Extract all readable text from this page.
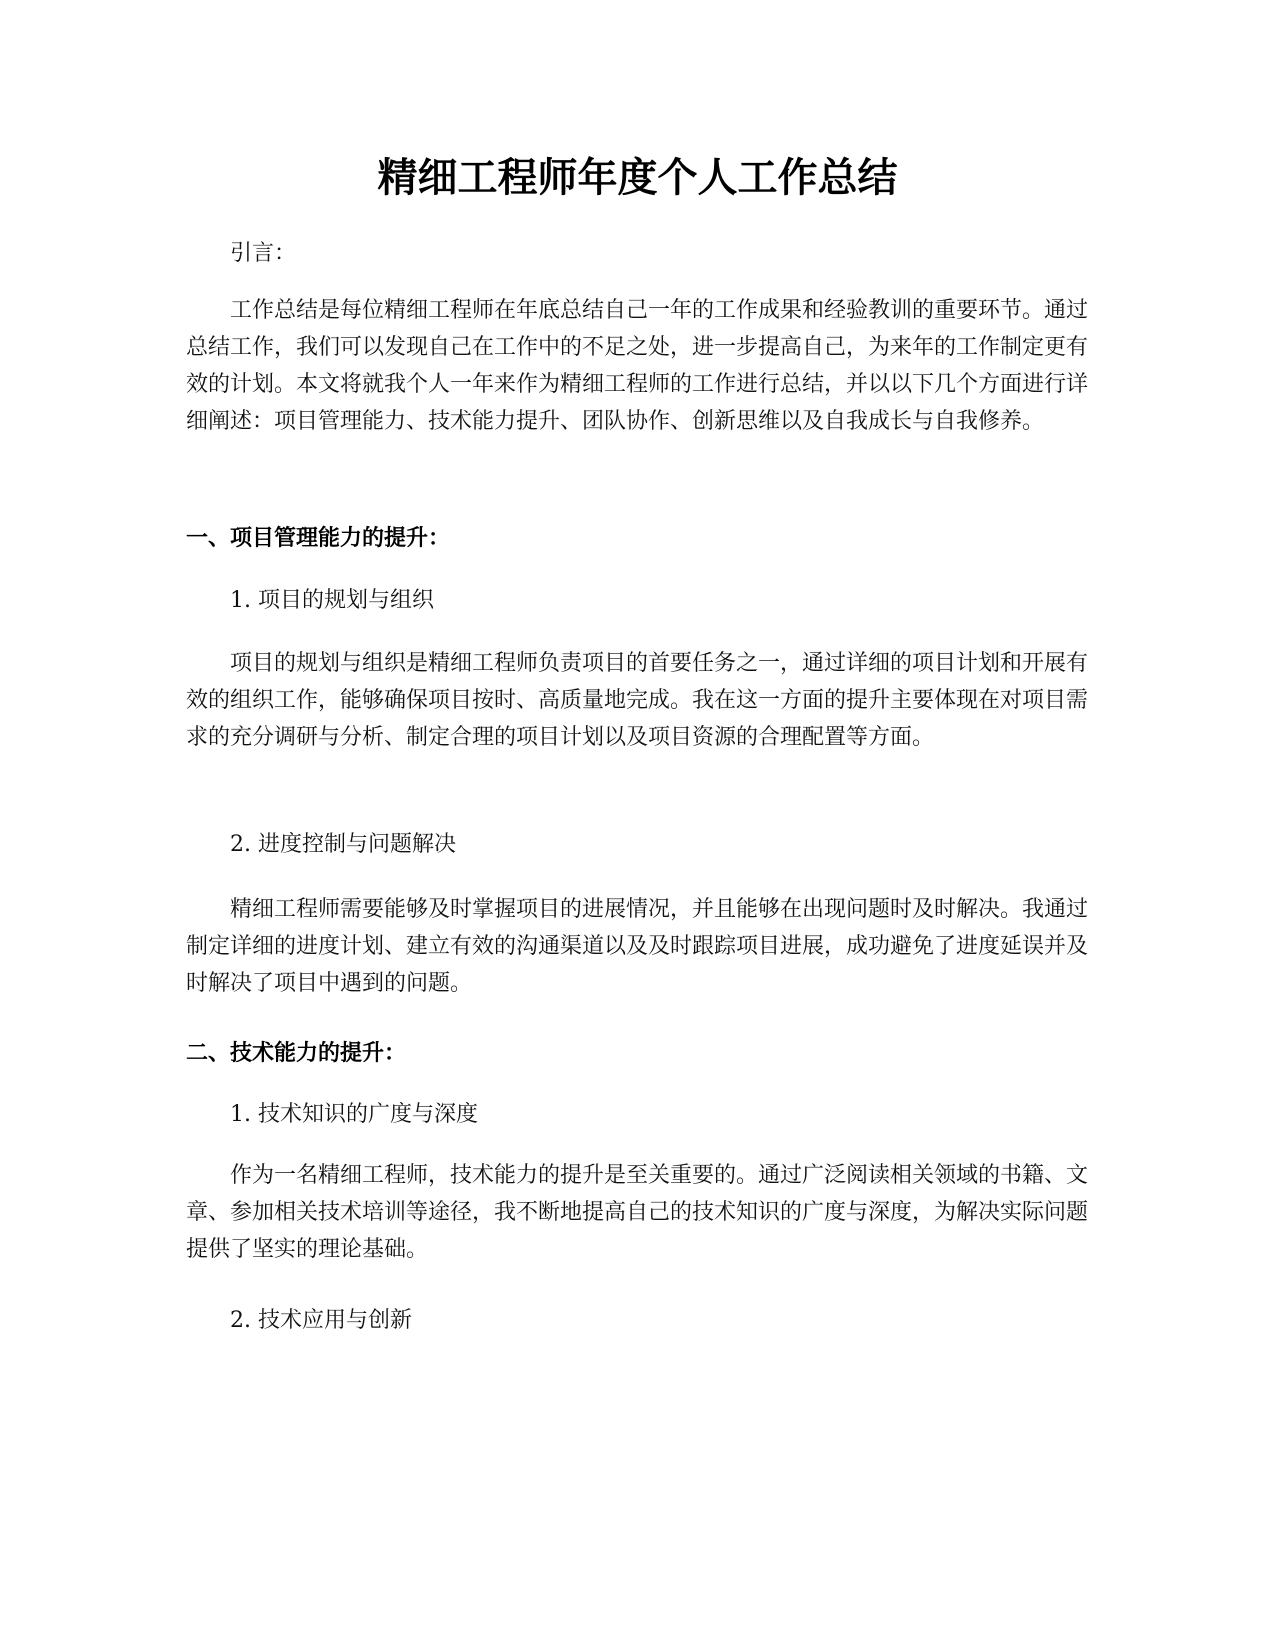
精细工程师年度个人工作总结

引言：

工作总结是每位精细工程师在年底总结自己一年的工作成果和经验教训的重要环节。通过总结工作，我们可以发现自己在工作中的不足之处，进一步提高自己，为来年的工作制定更有效的计划。本文将就我个人一年来作为精细工程师的工作进行总结，并以以下几个方面进行详细阐述：项目管理能力、技术能力提升、团队协作、创新思维以及自我成长与自我修养。

一、项目管理能力的提升：

1. 项目的规划与组织

项目的规划与组织是精细工程师负责项目的首要任务之一，通过详细的项目计划和开展有效的组织工作，能够确保项目按时、高质量地完成。我在这一方面的提升主要体现在对项目需求的充分调研与分析、制定合理的项目计划以及项目资源的合理配置等方面。

2. 进度控制与问题解决

精细工程师需要能够及时掌握项目的进展情况，并且能够在出现问题时及时解决。我通过制定详细的进度计划、建立有效的沟通渠道以及及时跟踪项目进展，成功避免了进度延误并及时解决了项目中遇到的问题。

二、技术能力的提升：

1. 技术知识的广度与深度

作为一名精细工程师，技术能力的提升是至关重要的。通过广泛阅读相关领域的书籍、文章、参加相关技术培训等途径，我不断地提高自己的技术知识的广度与深度，为解决实际问题提供了坚实的理论基础。

2. 技术应用与创新
